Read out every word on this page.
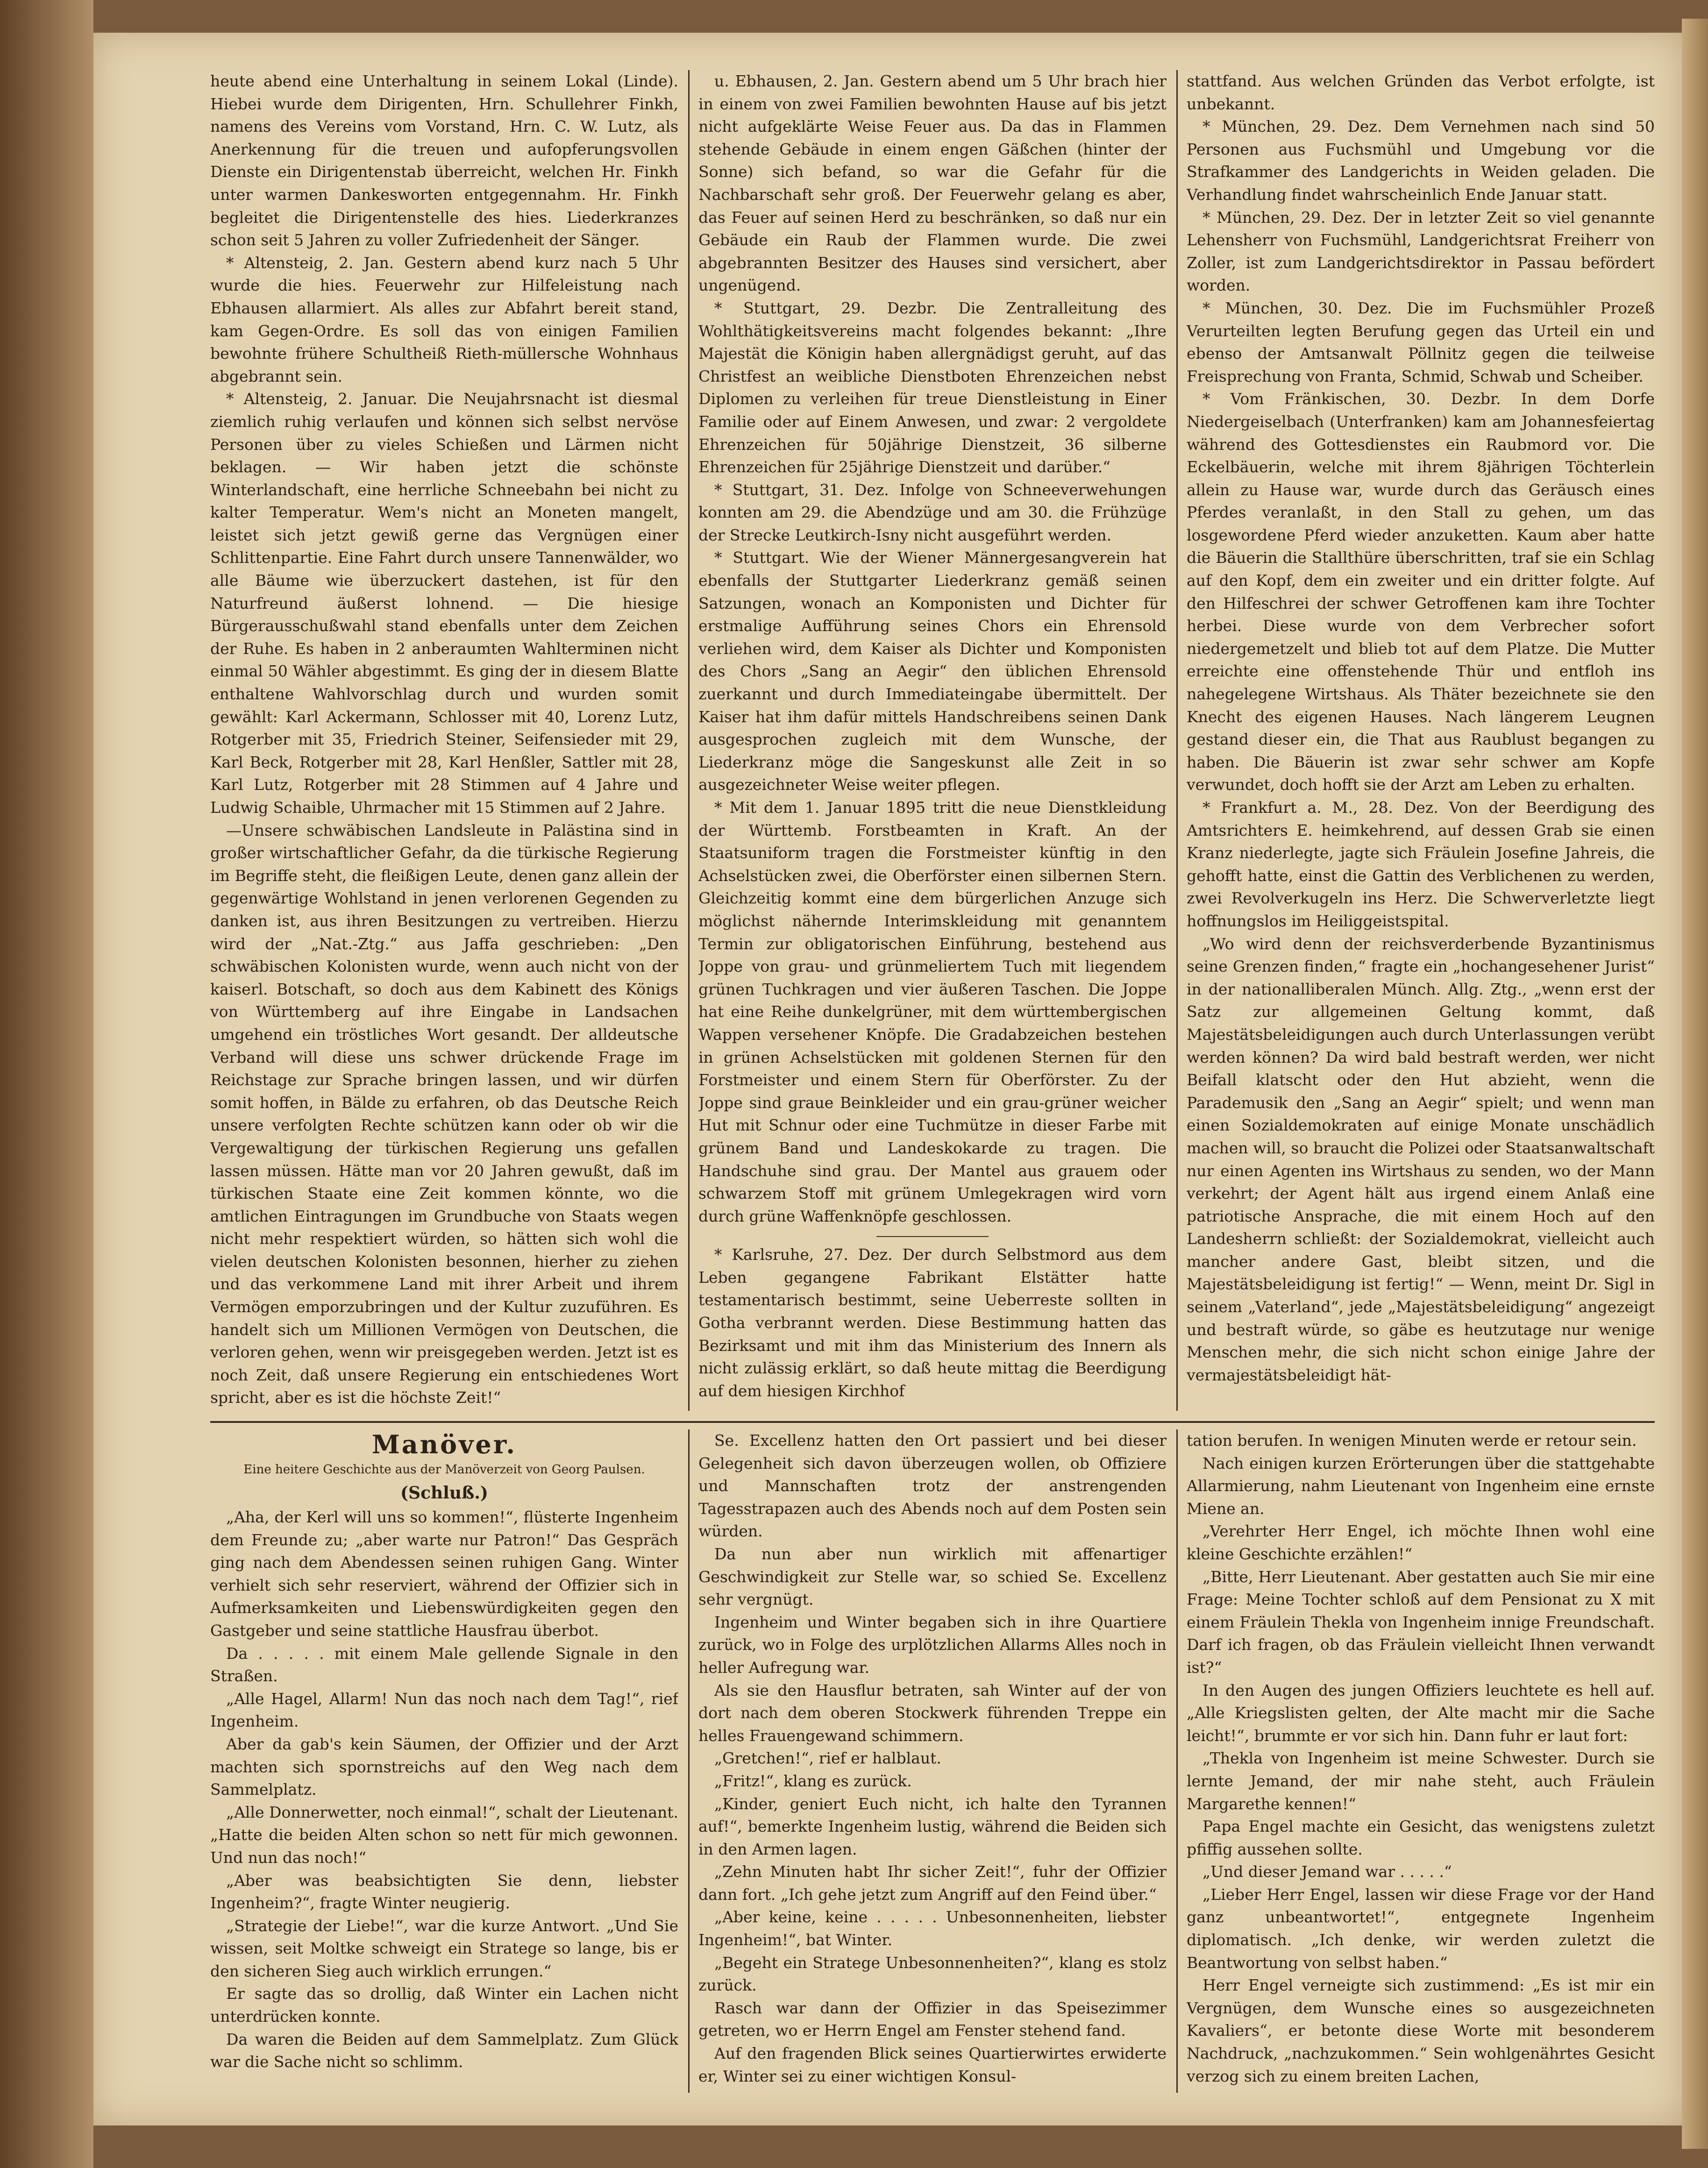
heute abend eine Unterhaltung in seinem Lokal (Linde). Hiebei wurde dem Dirigenten, Hrn. Schullehrer Finkh, namens des Vereins vom Vorstand, Hrn. C. W. Lutz, als Anerkennung für die treuen und aufopferungsvollen Dienste ein Dirigentenstab überreicht, welchen Hr. Finkh unter warmen Dankesworten entgegennahm. Hr. Finkh begleitet die Dirigentenstelle des hies. Liederkranzes schon seit 5 Jahren zu voller Zufriedenheit der Sänger.

* Altensteig, 2. Jan. Gestern abend kurz nach 5 Uhr wurde die hies. Feuerwehr zur Hilfeleistung nach Ebhausen allarmiert. Als alles zur Abfahrt bereit stand, kam Gegen-Ordre. Es soll das von einigen Familien bewohnte frühere Schultheiß Rieth-müllersche Wohnhaus abgebrannt sein.

* Altensteig, 2. Januar. Die Neujahrsnacht ist diesmal ziemlich ruhig verlaufen und können sich selbst nervöse Personen über zu vieles Schießen und Lärmen nicht beklagen. — Wir haben jetzt die schönste Winterlandschaft, eine herrliche Schneebahn bei nicht zu kalter Temperatur. Wem's nicht an Moneten mangelt, leistet sich jetzt gewiß gerne das Vergnügen einer Schlittenpartie. Eine Fahrt durch unsere Tannenwälder, wo alle Bäume wie überzuckert dastehen, ist für den Naturfreund äußerst lohnend. — Die hiesige Bürgerausschußwahl stand ebenfalls unter dem Zeichen der Ruhe. Es haben in 2 anberaumten Wahlterminen nicht einmal 50 Wähler abgestimmt. Es ging der in diesem Blatte enthaltene Wahlvorschlag durch und wurden somit gewählt: Karl Ackermann, Schlosser mit 40, Lorenz Lutz, Rotgerber mit 35, Friedrich Steiner, Seifensieder mit 29, Karl Beck, Rotgerber mit 28, Karl Henßler, Sattler mit 28, Karl Lutz, Rotgerber mit 28 Stimmen auf 4 Jahre und Ludwig Schaible, Uhrmacher mit 15 Stimmen auf 2 Jahre.

—Unsere schwäbischen Landsleute in Palästina sind in großer wirtschaftlicher Gefahr, da die türkische Regierung im Begriffe steht, die fleißigen Leute, denen ganz allein der gegenwärtige Wohlstand in jenen verlorenen Gegenden zu danken ist, aus ihren Besitzungen zu vertreiben. Hierzu wird der „Nat.-Ztg.“ aus Jaffa geschrieben: „Den schwäbischen Kolonisten wurde, wenn auch nicht von der kaiserl. Botschaft, so doch aus dem Kabinett des Königs von Württemberg auf ihre Eingabe in Landsachen umgehend ein tröstliches Wort gesandt. Der alldeutsche Verband will diese uns schwer drückende Frage im Reichstage zur Sprache bringen lassen, und wir dürfen somit hoffen, in Bälde zu erfahren, ob das Deutsche Reich unsere verfolgten Rechte schützen kann oder ob wir die Vergewaltigung der türkischen Regierung uns gefallen lassen müssen. Hätte man vor 20 Jahren gewußt, daß im türkischen Staate eine Zeit kommen könnte, wo die amtlichen Eintragungen im Grundbuche von Staats wegen nicht mehr respektiert würden, so hätten sich wohl die vielen deutschen Kolonisten besonnen, hierher zu ziehen und das verkommene Land mit ihrer Arbeit und ihrem Vermögen emporzubringen und der Kultur zuzuführen. Es handelt sich um Millionen Vermögen von Deutschen, die verloren gehen, wenn wir preisgegeben werden. Jetzt ist es noch Zeit, daß unsere Regierung ein entschiedenes Wort spricht, aber es ist die höchste Zeit!“

u. Ebhausen, 2. Jan. Gestern abend um 5 Uhr brach hier in einem von zwei Familien bewohnten Hause auf bis jetzt nicht aufgeklärte Weise Feuer aus. Da das in Flammen stehende Gebäude in einem engen Gäßchen (hinter der Sonne) sich befand, so war die Gefahr für die Nachbarschaft sehr groß. Der Feuerwehr gelang es aber, das Feuer auf seinen Herd zu beschränken, so daß nur ein Gebäude ein Raub der Flammen wurde. Die zwei abgebrannten Besitzer des Hauses sind versichert, aber ungenügend.

* Stuttgart, 29. Dezbr. Die Zentralleitung des Wohlthätigkeitsvereins macht folgendes bekannt: „Ihre Majestät die Königin haben allergnädigst geruht, auf das Christfest an weibliche Dienstboten Ehrenzeichen nebst Diplomen zu verleihen für treue Dienstleistung in Einer Familie oder auf Einem Anwesen, und zwar: 2 vergoldete Ehrenzeichen für 50jährige Dienstzeit, 36 silberne Ehrenzeichen für 25jährige Dienstzeit und darüber.“

* Stuttgart, 31. Dez. Infolge von Schneeverwehungen konnten am 29. die Abendzüge und am 30. die Frühzüge der Strecke Leutkirch-Isny nicht ausgeführt werden.

* Stuttgart. Wie der Wiener Männergesangverein hat ebenfalls der Stuttgarter Liederkranz gemäß seinen Satzungen, wonach an Komponisten und Dichter für erstmalige Aufführung seines Chors ein Ehrensold verliehen wird, dem Kaiser als Dichter und Komponisten des Chors „Sang an Aegir“ den üblichen Ehrensold zuerkannt und durch Immediateingabe übermittelt. Der Kaiser hat ihm dafür mittels Handschreibens seinen Dank ausgesprochen zugleich mit dem Wunsche, der Liederkranz möge die Sangeskunst alle Zeit in so ausgezeichneter Weise weiter pflegen.

* Mit dem 1. Januar 1895 tritt die neue Dienstkleidung der Württemb. Forstbeamten in Kraft. An der Staatsuniform tragen die Forstmeister künftig in den Achselstücken zwei, die Oberförster einen silbernen Stern. Gleichzeitig kommt eine dem bürgerlichen Anzuge sich möglichst nähernde Interimskleidung mit genanntem Termin zur obligatorischen Einführung, bestehend aus Joppe von grau- und grünmeliertem Tuch mit liegendem grünen Tuchkragen und vier äußeren Taschen. Die Joppe hat eine Reihe dunkelgrüner, mit dem württembergischen Wappen versehener Knöpfe. Die Gradabzeichen bestehen in grünen Achselstücken mit goldenen Sternen für den Forstmeister und einem Stern für Oberförster. Zu der Joppe sind graue Beinkleider und ein grau-grüner weicher Hut mit Schnur oder eine Tuchmütze in dieser Farbe mit grünem Band und Landeskokarde zu tragen. Die Handschuhe sind grau. Der Mantel aus grauem oder schwarzem Stoff mit grünem Umlegekragen wird vorn durch grüne Waffenknöpfe geschlossen.

* Karlsruhe, 27. Dez. Der durch Selbstmord aus dem Leben gegangene Fabrikant Elstätter hatte testamentarisch bestimmt, seine Ueberreste sollten in Gotha verbrannt werden. Diese Bestimmung hatten das Bezirksamt und mit ihm das Ministerium des Innern als nicht zulässig erklärt, so daß heute mittag die Beerdigung auf dem hiesigen Kirchhof

stattfand. Aus welchen Gründen das Verbot erfolgte, ist unbekannt.

* München, 29. Dez. Dem Vernehmen nach sind 50 Personen aus Fuchsmühl und Umgebung vor die Strafkammer des Landgerichts in Weiden geladen. Die Verhandlung findet wahrscheinlich Ende Januar statt.

* München, 29. Dez. Der in letzter Zeit so viel genannte Lehensherr von Fuchsmühl, Landgerichtsrat Freiherr von Zoller, ist zum Landgerichtsdirektor in Passau befördert worden.

* München, 30. Dez. Die im Fuchsmühler Prozeß Verurteilten legten Berufung gegen das Urteil ein und ebenso der Amtsanwalt Pöllnitz gegen die teilweise Freisprechung von Franta, Schmid, Schwab und Scheiber.

* Vom Fränkischen, 30. Dezbr. In dem Dorfe Niedergeiselbach (Unterfranken) kam am Johannesfeiertag während des Gottesdienstes ein Raubmord vor. Die Eckelbäuerin, welche mit ihrem 8jährigen Töchterlein allein zu Hause war, wurde durch das Geräusch eines Pferdes veranlaßt, in den Stall zu gehen, um das losgewordene Pferd wieder anzuketten. Kaum aber hatte die Bäuerin die Stallthüre überschritten, traf sie ein Schlag auf den Kopf, dem ein zweiter und ein dritter folgte. Auf den Hilfeschrei der schwer Getroffenen kam ihre Tochter herbei. Diese wurde von dem Verbrecher sofort niedergemetzelt und blieb tot auf dem Platze. Die Mutter erreichte eine offenstehende Thür und entfloh ins nahegelegene Wirtshaus. Als Thäter bezeichnete sie den Knecht des eigenen Hauses. Nach längerem Leugnen gestand dieser ein, die That aus Raublust begangen zu haben. Die Bäuerin ist zwar sehr schwer am Kopfe verwundet, doch hofft sie der Arzt am Leben zu erhalten.

* Frankfurt a. M., 28. Dez. Von der Beerdigung des Amtsrichters E. heimkehrend, auf dessen Grab sie einen Kranz niederlegte, jagte sich Fräulein Josefine Jahreis, die gehofft hatte, einst die Gattin des Verblichenen zu werden, zwei Revolverkugeln ins Herz. Die Schwerverletzte liegt hoffnungslos im Heiliggeistspital.

„Wo wird denn der reichsverderbende Byzantinismus seine Grenzen finden,“ fragte ein „hochangesehener Jurist“ in der nationalliberalen Münch. Allg. Ztg., „wenn erst der Satz zur allgemeinen Geltung kommt, daß Majestätsbeleidigungen auch durch Unterlassungen verübt werden können? Da wird bald bestraft werden, wer nicht Beifall klatscht oder den Hut abzieht, wenn die Parademusik den „Sang an Aegir“ spielt; und wenn man einen Sozialdemokraten auf einige Monate unschädlich machen will, so braucht die Polizei oder Staatsanwaltschaft nur einen Agenten ins Wirtshaus zu senden, wo der Mann verkehrt; der Agent hält aus irgend einem Anlaß eine patriotische Ansprache, die mit einem Hoch auf den Landesherrn schließt: der Sozialdemokrat, vielleicht auch mancher andere Gast, bleibt sitzen, und die Majestätsbeleidigung ist fertig!“ — Wenn, meint Dr. Sigl in seinem „Vaterland“, jede „Majestätsbeleidigung“ angezeigt und bestraft würde, so gäbe es heutzutage nur wenige Menschen mehr, die sich nicht schon einige Jahre der vermajestätsbeleidigt hät-

Manöver.

Eine heitere Geschichte aus der Manöverzeit von Georg Paulsen.

(Schluß.)

„Aha, der Kerl will uns so kommen!“, flüsterte Ingenheim dem Freunde zu; „aber warte nur Patron!“ Das Gespräch ging nach dem Abendessen seinen ruhigen Gang. Winter verhielt sich sehr reserviert, während der Offizier sich in Aufmerksamkeiten und Liebenswürdigkeiten gegen den Gastgeber und seine stattliche Hausfrau überbot.

Da . . . . . mit einem Male gellende Signale in den Straßen.

„Alle Hagel, Allarm! Nun das noch nach dem Tag!“, rief Ingenheim.

Aber da gab's kein Säumen, der Offizier und der Arzt machten sich spornstreichs auf den Weg nach dem Sammelplatz.

„Alle Donnerwetter, noch einmal!“, schalt der Lieutenant. „Hatte die beiden Alten schon so nett für mich gewonnen. Und nun das noch!“

„Aber was beabsichtigten Sie denn, liebster Ingenheim?“, fragte Winter neugierig.

„Strategie der Liebe!“, war die kurze Antwort. „Und Sie wissen, seit Moltke schweigt ein Stratege so lange, bis er den sicheren Sieg auch wirklich errungen.“

Er sagte das so drollig, daß Winter ein Lachen nicht unterdrücken konnte.

Da waren die Beiden auf dem Sammelplatz. Zum Glück war die Sache nicht so schlimm.

Se. Excellenz hatten den Ort passiert und bei dieser Gelegenheit sich davon überzeugen wollen, ob Offiziere und Mannschaften trotz der anstrengenden Tagesstrapazen auch des Abends noch auf dem Posten sein würden.

Da nun aber nun wirklich mit affenartiger Geschwindigkeit zur Stelle war, so schied Se. Excellenz sehr vergnügt.

Ingenheim und Winter begaben sich in ihre Quartiere zurück, wo in Folge des urplötzlichen Allarms Alles noch in heller Aufregung war.

Als sie den Hausflur betraten, sah Winter auf der von dort nach dem oberen Stockwerk führenden Treppe ein helles Frauengewand schimmern.

„Gretchen!“, rief er halblaut.

„Fritz!“, klang es zurück.

„Kinder, geniert Euch nicht, ich halte den Tyrannen auf!“, bemerkte Ingenheim lustig, während die Beiden sich in den Armen lagen.

„Zehn Minuten habt Ihr sicher Zeit!“, fuhr der Offizier dann fort. „Ich gehe jetzt zum Angriff auf den Feind über.“

„Aber keine, keine . . . . . Unbesonnenheiten, liebster Ingenheim!“, bat Winter.

„Begeht ein Stratege Unbesonnenheiten?“, klang es stolz zurück.

Rasch war dann der Offizier in das Speisezimmer getreten, wo er Herrn Engel am Fenster stehend fand.

Auf den fragenden Blick seines Quartierwirtes erwiderte er, Winter sei zu einer wichtigen Konsul-

tation berufen. In wenigen Minuten werde er retour sein.

Nach einigen kurzen Erörterungen über die stattgehabte Allarmierung, nahm Lieutenant von Ingenheim eine ernste Miene an.

„Verehrter Herr Engel, ich möchte Ihnen wohl eine kleine Geschichte erzählen!“

„Bitte, Herr Lieutenant. Aber gestatten auch Sie mir eine Frage: Meine Tochter schloß auf dem Pensionat zu X mit einem Fräulein Thekla von Ingenheim innige Freundschaft. Darf ich fragen, ob das Fräulein vielleicht Ihnen verwandt ist?“

In den Augen des jungen Offiziers leuchtete es hell auf. „Alle Kriegslisten gelten, der Alte macht mir die Sache leicht!“, brummte er vor sich hin. Dann fuhr er laut fort:

„Thekla von Ingenheim ist meine Schwester. Durch sie lernte Jemand, der mir nahe steht, auch Fräulein Margarethe kennen!“

Papa Engel machte ein Gesicht, das wenigstens zuletzt pfiffig aussehen sollte.

„Und dieser Jemand war . . . . .“

„Lieber Herr Engel, lassen wir diese Frage vor der Hand ganz unbeantwortet!“, entgegnete Ingenheim diplomatisch. „Ich denke, wir werden zuletzt die Beantwortung von selbst haben.“

Herr Engel verneigte sich zustimmend: „Es ist mir ein Vergnügen, dem Wunsche eines so ausgezeichneten Kavaliers“, er betonte diese Worte mit besonderem Nachdruck, „nachzukommen.“ Sein wohlgenährtes Gesicht verzog sich zu einem breiten Lachen,
